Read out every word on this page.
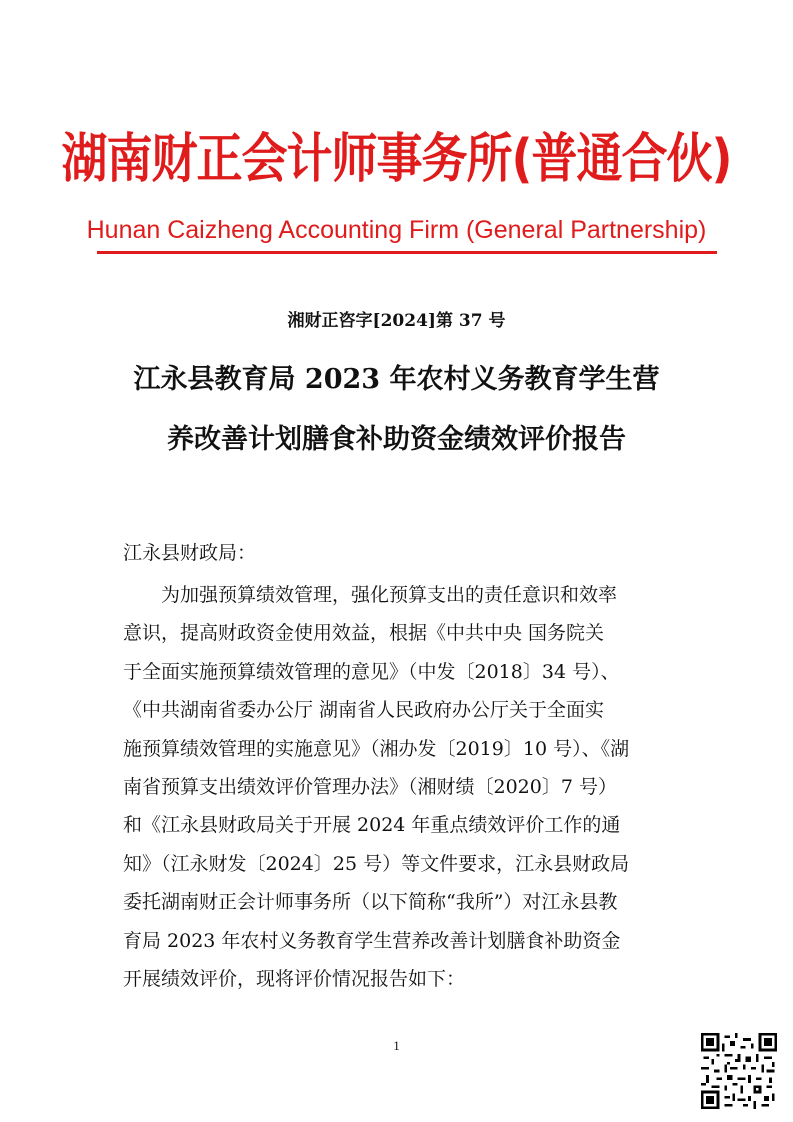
湖南财正会计师事务所(普通合伙)
Hunan Caizheng Accounting Firm (General Partnership)
湘财正咨字[2024]第 37 号
江永县教育局 2023 年农村义务教育学生营
养改善计划膳食补助资金绩效评价报告
江永县财政局：
为加强预算绩效管理，强化预算支出的责任意识和效率
意识，提高财政资金使用效益，根据《中共中央 国务院关
于全面实施预算绩效管理的意见》（中发〔2018〕34 号）、
《中共湖南省委办公厅 湖南省人民政府办公厅关于全面实
施预算绩效管理的实施意见》（湘办发〔2019〕10 号）、《湖
南省预算支出绩效评价管理办法》（湘财绩〔2020〕7 号）
和《江永县财政局关于开展 2024 年重点绩效评价工作的通
知》（江永财发〔2024〕25 号）等文件要求，江永县财政局
委托湖南财正会计师事务所（以下简称“我所”）对江永县教
育局 2023 年农村义务教育学生营养改善计划膳食补助资金
开展绩效评价，现将评价情况报告如下：
1
